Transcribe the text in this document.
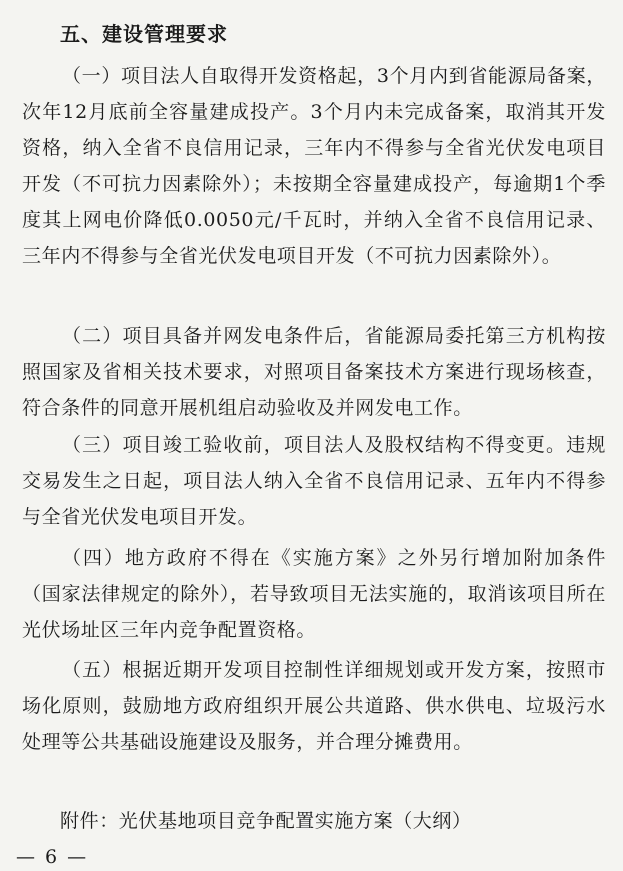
五、建设管理要求

（一）项目法人自取得开发资格起，3个月内到省能源局备案，次年12月底前全容量建成投产。3个月内未完成备案，取消其开发资格，纳入全省不良信用记录，三年内不得参与全省光伏发电项目开发（不可抗力因素除外）；未按期全容量建成投产，每逾期1个季度其上网电价降低0.0050元/千瓦时，并纳入全省不良信用记录、三年内不得参与全省光伏发电项目开发（不可抗力因素除外）。

（二）项目具备并网发电条件后，省能源局委托第三方机构按照国家及省相关技术要求，对照项目备案技术方案进行现场核查，符合条件的同意开展机组启动验收及并网发电工作。

（三）项目竣工验收前，项目法人及股权结构不得变更。违规交易发生之日起，项目法人纳入全省不良信用记录、五年内不得参与全省光伏发电项目开发。

（四）地方政府不得在《实施方案》之外另行增加附加条件（国家法律规定的除外），若导致项目无法实施的，取消该项目所在光伏场址区三年内竞争配置资格。

（五）根据近期开发项目控制性详细规划或开发方案，按照市场化原则，鼓励地方政府组织开展公共道路、供水供电、垃圾污水处理等公共基础设施建设及服务，并合理分摊费用。

附件：光伏基地项目竞争配置实施方案（大纲）
— 6 —
